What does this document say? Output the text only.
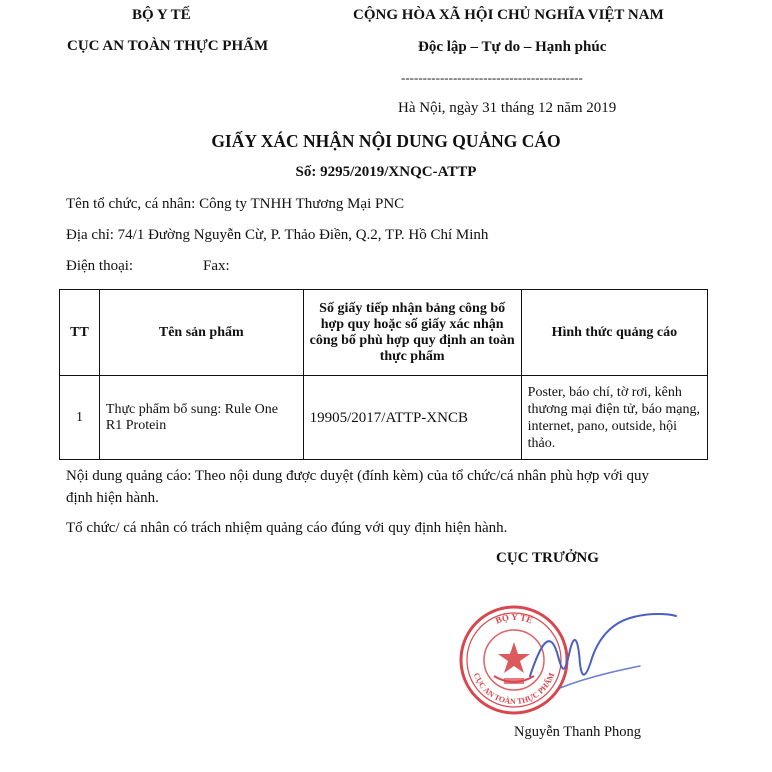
BỘ Y TẾ
CỤC AN TOÀN THỰC PHẨM
CỘNG HÒA XÃ HỘI CHỦ NGHĨA VIỆT NAM
Độc lập – Tự do – Hạnh phúc
------------------------------------------
Hà Nội, ngày 31 tháng 12 năm 2019
GIẤY XÁC NHẬN NỘI DUNG QUẢNG CÁO
Số: 9295/2019/XNQC-ATTP
Tên tổ chức, cá nhân: Công ty TNHH Thương Mại PNC
Địa chỉ: 74/1 Đường Nguyễn Cừ, P. Thảo Điền, Q.2, TP. Hồ Chí Minh
Điện thoại:	Fax:
TT	Tên sản phẩm	Số giấy tiếp nhận bảng công bố hợp quy hoặc số giấy xác nhận công bố phù hợp quy định an toàn thực phẩm	Hình thức quảng cáo
1	Thực phẩm bổ sung: Rule One R1 Protein	19905/2017/ATTP-XNCB	Poster, báo chí, tờ rơi, kênh thương mại điện tử, báo mạng, internet, pano, outside, hội thảo.
Nội dung quảng cáo: Theo nội dung được duyệt (đính kèm) của tổ chức/cá nhân phù hợp với quy
định hiện hành.
Tổ chức/ cá nhân có trách nhiệm quảng cáo đúng với quy định hiện hành.
CỤC TRƯỞNG
BỘ Y TẾ
CỤC AN TOÀN THỰC PHẨM
Nguyễn Thanh Phong
